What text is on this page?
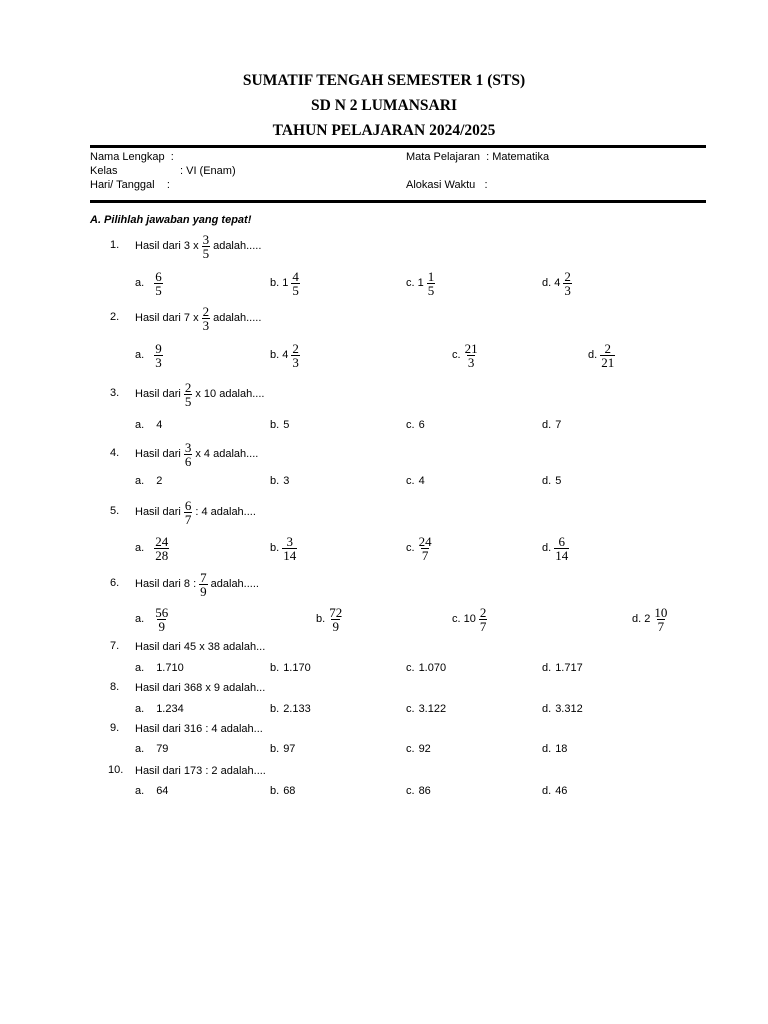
SUMATIF TENGAH SEMESTER 1 (STS)
SD N 2 LUMANSARI
TAHUN PELAJARAN 2024/2025
Nama Lengkap  :
Kelas	: VI (Enam)
Hari/ Tanggal    :
Mata Pelajaran  : Matematika
Alokasi Waktu   :
A. Pilihlah jawaban yang tepat!
1. Hasil dari 3 x $\frac{3}{5}$ adalah.....
a. $\frac{6}{5}$	b. $1 \frac{4}{5}$	c. $1 \frac{1}{5}$	d. $4 \frac{2}{3}$
2. Hasil dari 7 x $\frac{2}{3}$ adalah.....
a. $\frac{9}{3}$	b. $4 \frac{2}{3}$	c. $\frac{21}{3}$	d. $\frac{2}{21}$
3. Hasil dari $\frac{2}{5}$ x 10 adalah....
a. 4	b. 5	c. 6	d. 7
4. Hasil dari $\frac{3}{6}$ x 4 adalah....
a. 2	b. 3	c. 4	d. 5
5. Hasil dari $\frac{6}{7}$ : 4 adalah....
a. $\frac{24}{28}$	b. $\frac{3}{14}$	c. $\frac{24}{7}$	d. $\frac{6}{14}$
6. Hasil dari 8 : $\frac{7}{9}$ adalah.....
a. $\frac{56}{9}$	b. $\frac{72}{9}$	c. $10 \frac{2}{7}$	d. $2 \frac{10}{7}$
7. Hasil dari 45 x 38 adalah...
a. 1.710	b. 1.170	c. 1.070	d. 1.717
8. Hasil dari 368 x 9 adalah...
a. 1.234	b. 2.133	c. 3.122	d. 3.312
9. Hasil dari 316 : 4 adalah...
a. 79	b. 97	c. 92	d. 18
10. Hasil dari 173 : 2 adalah....
a. 64	b. 68	c. 86	d. 46
